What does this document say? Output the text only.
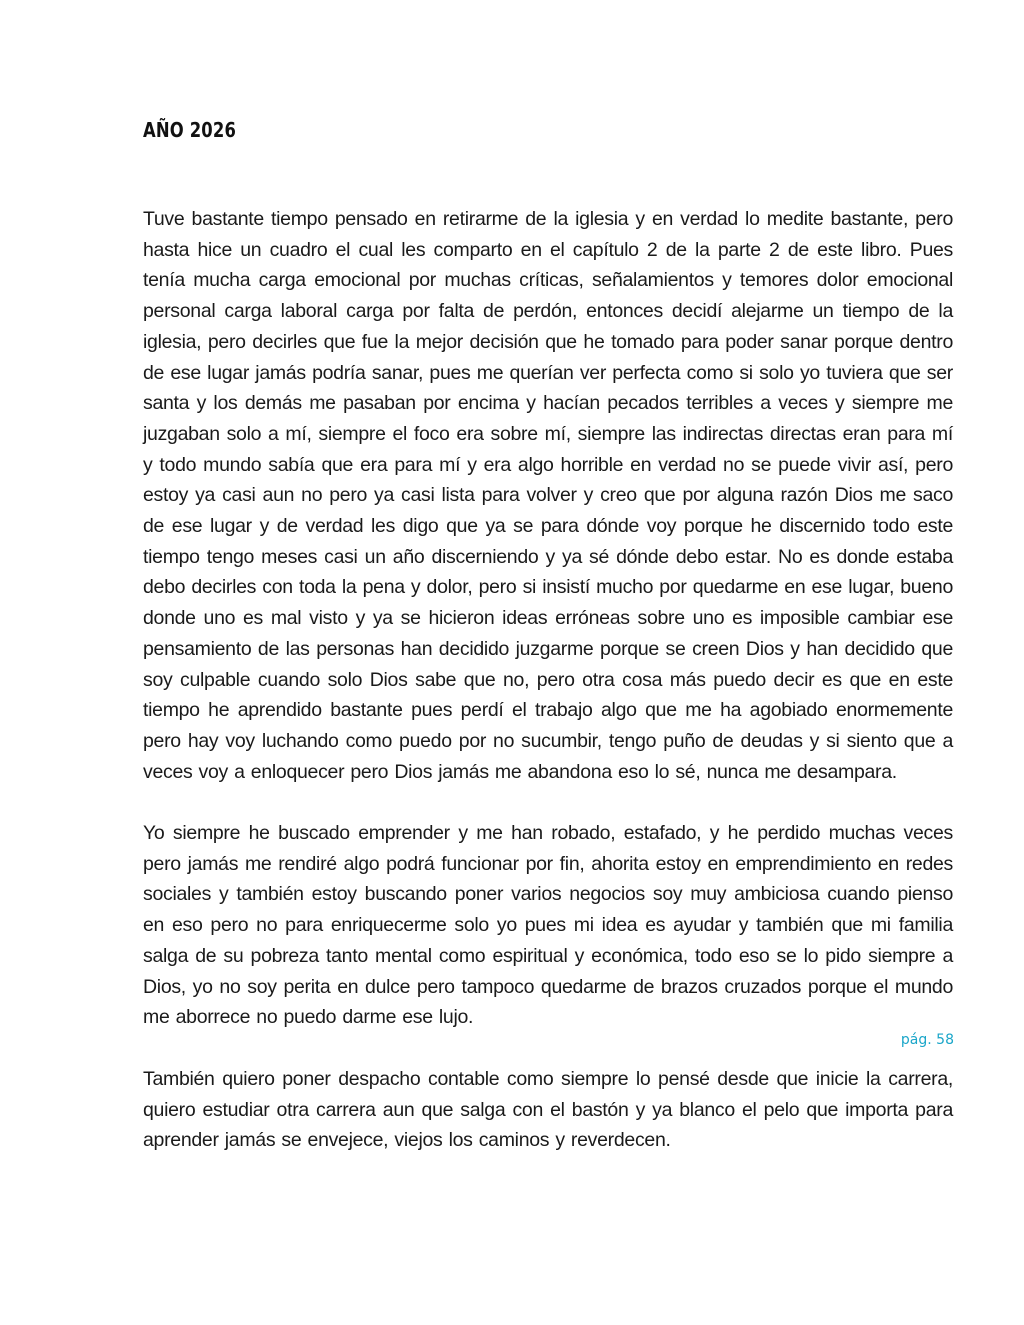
AÑO 2026

Tuve bastante tiempo pensado en retirarme de la iglesia y en verdad lo medite bastante, pero hasta hice un cuadro el cual les comparto en el capítulo 2 de la parte 2 de este libro. Pues tenía mucha carga emocional por muchas críticas, señalamientos y temores dolor emocional personal carga laboral carga por falta de perdón, entonces decidí alejarme un tiempo de la iglesia, pero decirles que fue la mejor decisión que he tomado para poder sanar porque dentro de ese lugar jamás podría sanar, pues me querían ver perfecta como si solo yo tuviera que ser santa y los demás me pasaban por encima y hacían pecados terribles a veces y siempre me juzgaban solo a mí, siempre el foco era sobre mí, siempre las indirectas directas eran para mí y todo mundo sabía que era para mí y era algo horrible en verdad no se puede vivir así, pero estoy ya casi aun no pero ya casi lista para volver y creo que por alguna razón Dios me saco de ese lugar y de verdad les digo que ya se para dónde voy porque he discernido todo este tiempo tengo meses casi un año discerniendo y ya sé dónde debo estar. No es donde estaba debo decirles con toda la pena y dolor, pero si insistí mucho por quedarme en ese lugar, bueno donde uno es mal visto y ya se hicieron ideas erróneas sobre uno es imposible cambiar ese pensamiento de las personas han decidido juzgarme porque se creen Dios y han decidido que soy culpable cuando solo Dios sabe que no, pero otra cosa más puedo decir es que en este tiempo he aprendido bastante pues perdí el trabajo algo que me ha agobiado enormemente pero hay voy luchando como puedo por no sucumbir, tengo puño de deudas y si siento que a veces voy a enloquecer pero Dios jamás me abandona eso lo sé, nunca me desampara.

Yo siempre he buscado emprender y me han robado, estafado, y he perdido muchas veces pero jamás me rendiré algo podrá funcionar por fin, ahorita estoy en emprendimiento en redes sociales y también estoy buscando poner varios negocios soy muy ambiciosa cuando pienso en eso pero no para enriquecerme solo yo pues mi idea es ayudar y también que mi familia salga de su pobreza tanto mental como espiritual y económica, todo eso se lo pido siempre a Dios, yo no soy perita en dulce pero tampoco quedarme de brazos cruzados porque el mundo me aborrece no puedo darme ese lujo.

También quiero poner despacho contable como siempre lo pensé desde que inicie la carrera, quiero estudiar otra carrera aun que salga con el bastón y ya blanco el pelo que importa para aprender jamás se envejece, viejos los caminos y reverdecen.

pág. 58
